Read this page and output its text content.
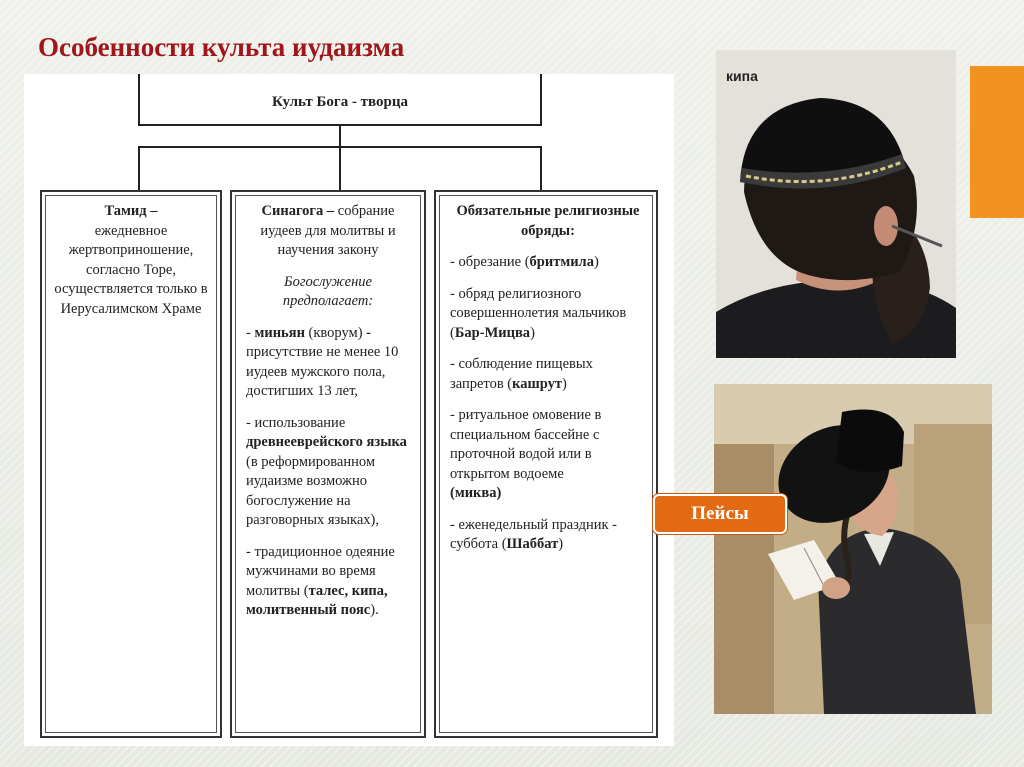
Особенности культа иудаизма
Культ Бога - творца
Тамид –
ежедневное жертвоприношение, согласно Торе, осуществляется только в Иерусалимском Храме

Синагога – собрание иудеев для молитвы и научения закону

Богослужение предполагает:

- миньян (кворум) - присутствие не менее 10 иудеев мужского пола, достигших 13 лет,

- использование древнееврейского языка (в реформированном иудаизме возможно богослужение на разговорных языках),

- традиционное одеяние мужчинами во время молитвы (талес, кипа, молитвенный пояс).

Обязательные религиозные обряды:

- обрезание (бритмила)

- обряд религиозного совершеннолетия мальчиков (Бар-Мицва)

- соблюдение пищевых запретов (кашрут)

- ритуальное омовение в специальном бассейне с проточной водой или в открытом водоеме
(миква)

- еженедельный праздник - суббота (Шаббат)

кипа
Пейсы
